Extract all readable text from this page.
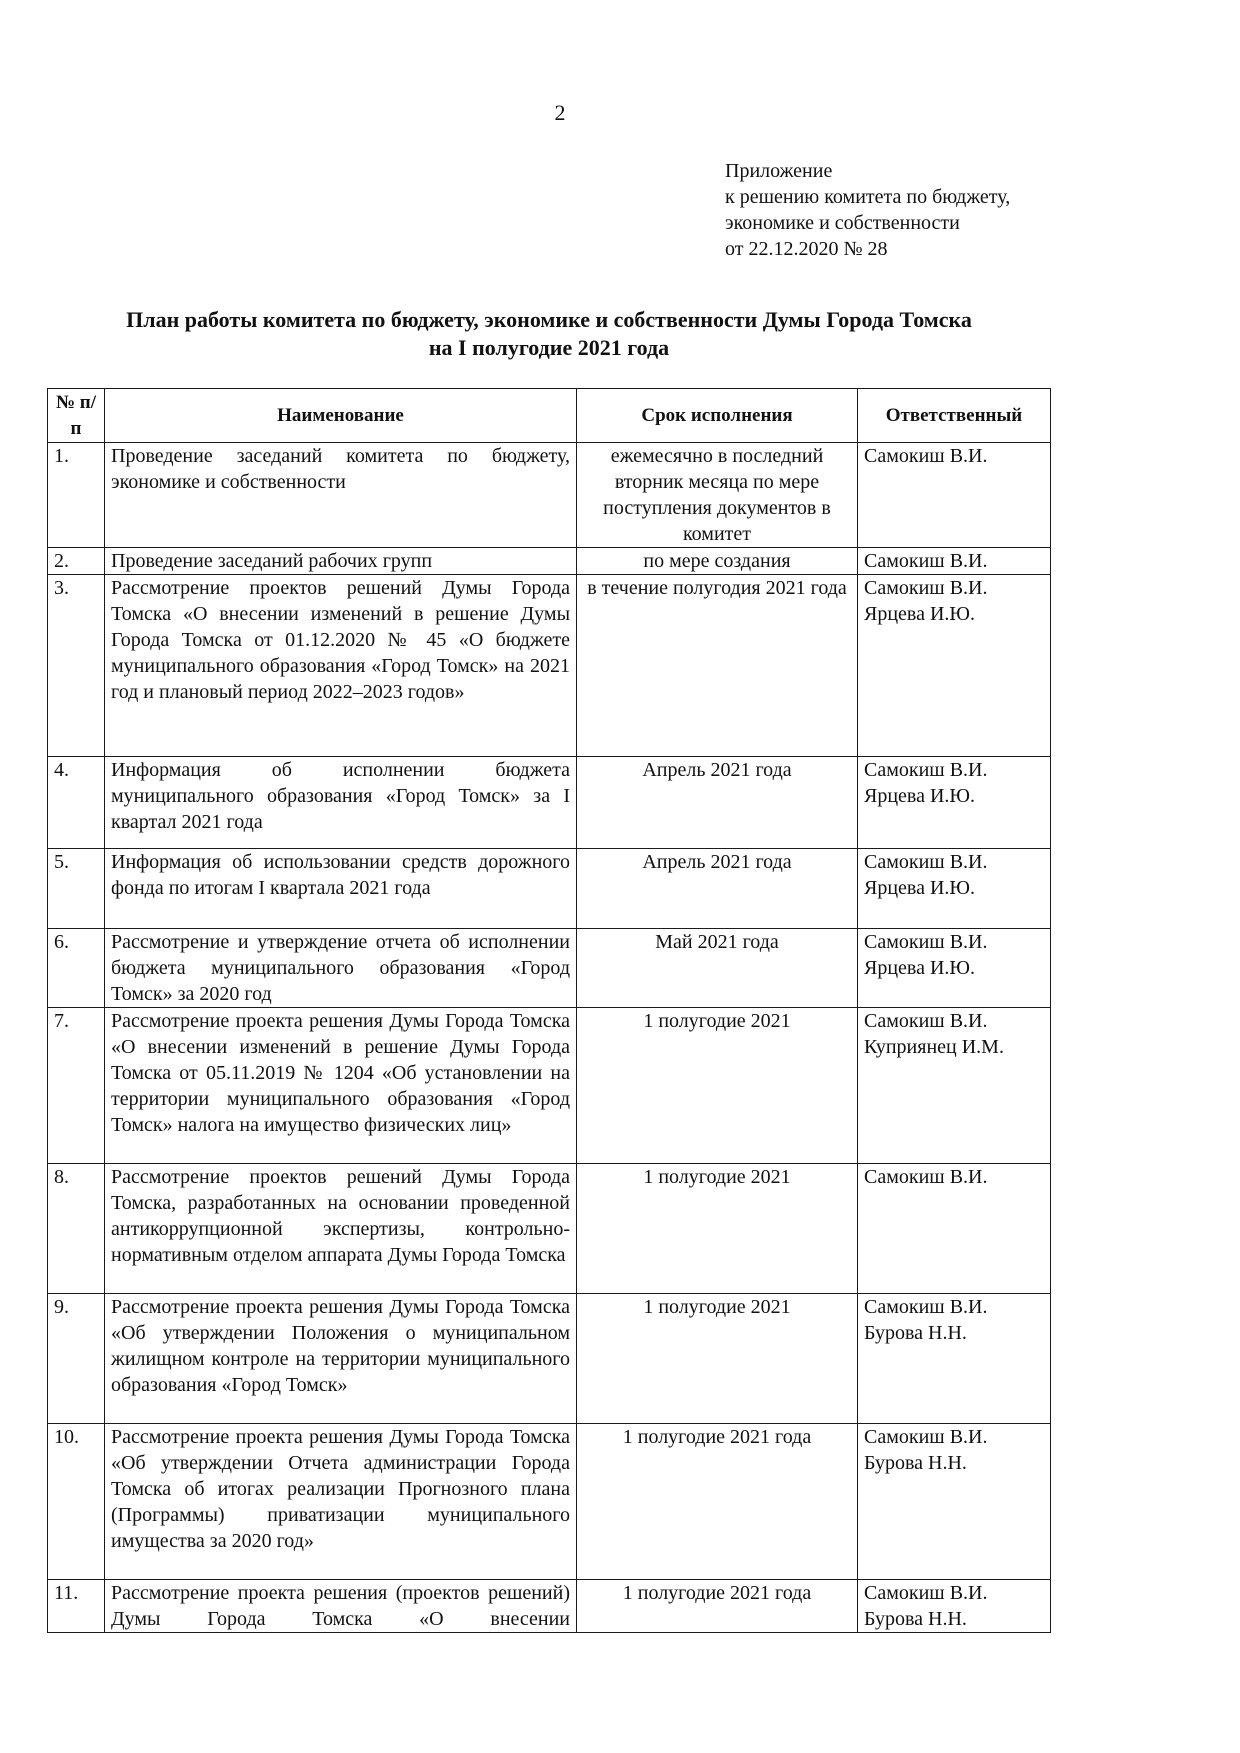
2
Приложение
к решению комитета по бюджету,
экономике и собственности
от 22.12.2020 № 28
План работы комитета по бюджету, экономике и собственности Думы Города Томска
на I полугодие 2021 года
№ п/п	Наименование	Срок исполнения	Ответственный
1.	Проведение заседаний комитета по бюджету, экономике и собственности	ежемесячно в последний вторник месяца по мере поступления документов в комитет	Самокиш В.И.

2.	Проведение заседаний рабочих групп	по мере создания	Самокиш В.И.

3.	Рассмотрение проектов решений Думы Города Томска «О внесении изменений в решение Думы Города Томска от 01.12.2020 № 45 «О бюджете муниципального образования «Город Томск» на 2021 год и плановый период 2022–2023 годов»	в течение полугодия 2021 года	Самокиш В.И.
Ярцева И.Ю.

4.	Информация об исполнении бюджета муниципального образования «Город Томск» за I квартал 2021 года	Апрель 2021 года	Самокиш В.И.
Ярцева И.Ю.

5.	Информация об использовании средств дорожного фонда по итогам I квартала 2021 года	Апрель 2021 года	Самокиш В.И.
Ярцева И.Ю.

6.	Рассмотрение и утверждение отчета об исполнении бюджета муниципального образования «Город Томск» за 2020 год	Май 2021 года	Самокиш В.И.
Ярцева И.Ю.

7.	Рассмотрение проекта решения Думы Города Томска «О внесении изменений в решение Думы Города Томска от 05.11.2019 № 1204 «Об установлении на территории муниципального образования «Город Томск» налога на имущество физических лиц»	1 полугодие 2021	Самокиш В.И.
Куприянец И.М.

8.	Рассмотрение проектов решений Думы Города Томска, разработанных на основании проведенной антикоррупционной экспертизы, контрольно-нормативным отделом аппарата Думы Города Томска	1 полугодие 2021	Самокиш В.И.

9.	Рассмотрение проекта решения Думы Города Томска «Об утверждении Положения о муниципальном жилищном контроле на территории муниципального образования «Город Томск»	1 полугодие 2021	Самокиш В.И.
Бурова Н.Н.

10.	Рассмотрение проекта решения Думы Города Томска «Об утверждении Отчета администрации Города Томска об итогах реализации Прогнозного плана (Программы) приватизации муниципального имущества за 2020 год»	1 полугодие 2021 года	Самокиш В.И.
Бурова Н.Н.

11.	Рассмотрение проекта решения (проектов решений) Думы Города Томска «О внесении	1 полугодие 2021 года	Самокиш В.И.
Бурова Н.Н.
